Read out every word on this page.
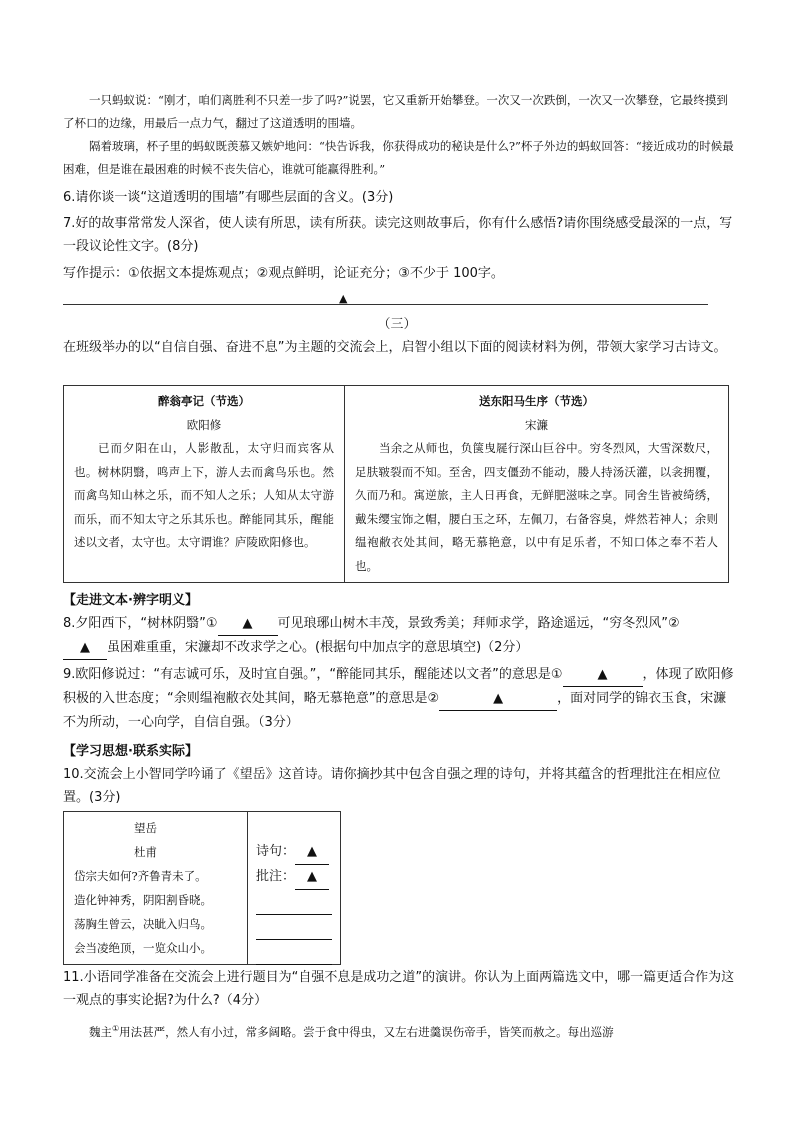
一只蚂蚁说：“刚才，咱们离胜利不只差一步了吗?”说罢，它又重新开始攀登。一次又一次跌倒，一次又一次攀登，它最终摸到了杯口的边缘，用最后一点力气，翻过了这道透明的围墙。
隔着玻璃，杯子里的蚂蚁既羡慕又嫉妒地问：“快告诉我，你获得成功的秘诀是什么?”杯子外边的蚂蚁回答：“接近成功的时候最困难，但是谁在最困难的时候不丧失信心，谁就可能赢得胜利。”
6.请你谈一谈“这道透明的围墙”有哪些层面的含义。(3分)
7.好的故事常常发人深省，使人读有所思，读有所获。读完这则故事后，你有什么感悟?请你围绕感受最深的一点，写一段议论性文字。(8分)
写作提示：①依据文本提炼观点；②观点鲜明，论证充分；③不少于 100字。
▲
（三）
在班级举办的以“自信自强、奋进不息”为主题的交流会上，启智小组以下面的阅读材料为例，带领大家学习古诗文。
醉翁亭记（节选）
欧阳修
已而夕阳在山，人影散乱，太守归而宾客从也。树林阴翳，鸣声上下，游人去而禽鸟乐也。然而禽鸟知山林之乐，而不知人之乐；人知从太守游而乐，而不知太守之乐其乐也。醉能同其乐，醒能述以文者，太守也。太守谓谁？庐陵欧阳修也。

送东阳马生序（节选）
宋濂
当余之从师也，负箧曳屣行深山巨谷中。穷冬烈风，大雪深数尺，足肤皲裂而不知。至舍，四支僵劲不能动，媵人持汤沃灌，以衾拥覆，久而乃和。寓逆旅，主人日再食，无鲜肥滋味之享。同舍生皆被绮绣，戴朱缨宝饰之帽，腰白玉之环，左佩刀，右备容臭，烨然若神人；余则缊袍敝衣处其间，略无慕艳意，以中有足乐者，不知口体之奉不若人也。
【走进文本·辨字明义】
8.夕阳西下，“树林阴翳”① ▲ 可见琅琊山树木丰茂，景致秀美；拜师求学，路途遥远，“穷冬烈风”②
▲ 虽困难重重，宋濂却不改求学之心。(根据句中加点字的意思填空)（2分）
9.欧阳修说过：“有志诚可乐，及时宜自强。”，“醉能同其乐，醒能述以文者”的意思是①	▲	，体现了欧阳修积极的入世态度；“余则缊袍敝衣处其间，略无慕艳意”的意思是②	▲	，面对同学的锦衣玉食，宋濂不为所动，一心向学，自信自强。（3分）
【学习思想·联系实际】
10.交流会上小智同学吟诵了《望岳》这首诗。请你摘抄其中包含自强之理的诗句，并将其蕴含的哲理批注在相应位置。(3分)
望岳
杜甫
岱宗夫如何?齐鲁青未了。
造化钟神秀，阴阳割昏晓。
荡胸生曾云，决眦入归鸟。
会当凌绝顶，一览众山小。
诗句： ▲
批注： ▲
11.小语同学准备在交流会上进行题目为“自强不息是成功之道”的演讲。你认为上面两篇选文中，哪一篇更适合作为这一观点的事实论据?为什么?（4分）
魏主①用法甚严，然人有小过，常多阔略。尝于食中得虫，又左右进羹误伤帝手，皆笑而赦之。每出巡游
